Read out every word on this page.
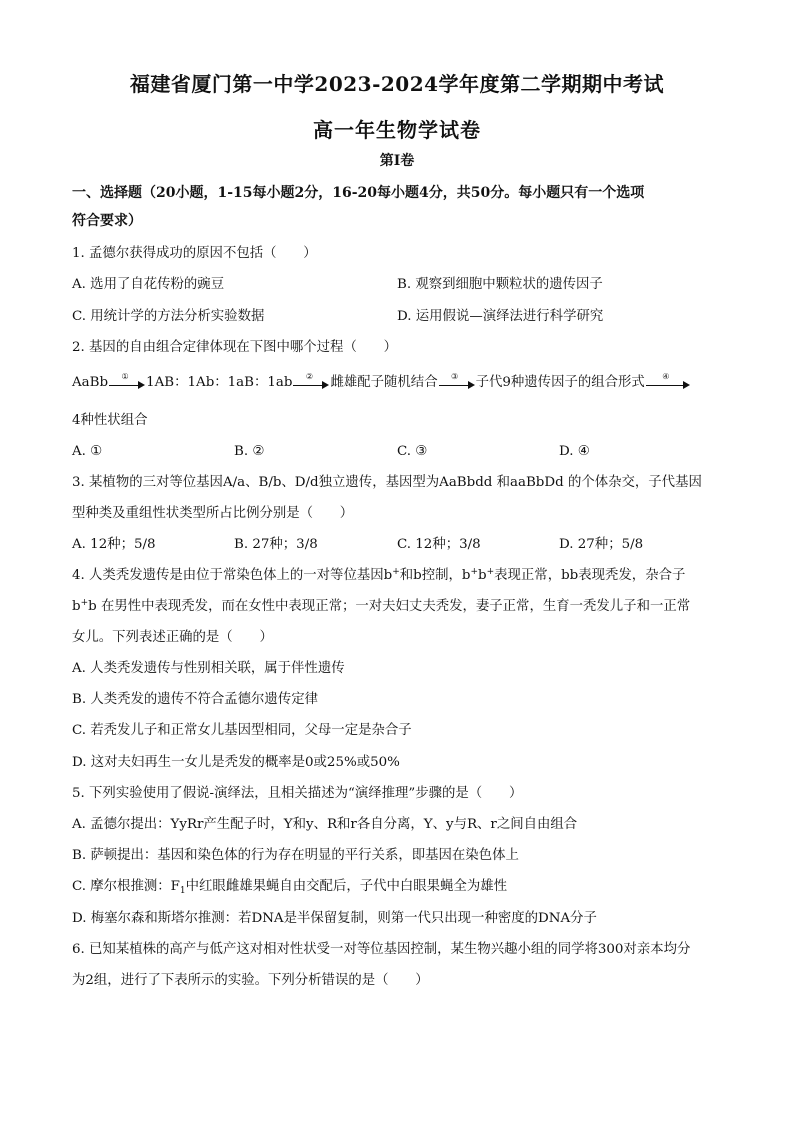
福建省厦门第一中学2023-2024学年度第二学期期中考试
高一年生物学试卷
第Ⅰ卷
一、选择题（20小题，1-15每小题2分，16-20每小题4分，共50分。每小题只有一个选项
符合要求）
1. 孟德尔获得成功的原因不包括（　　）
A. 选用了自花传粉的豌豆	B. 观察到细胞中颗粒状的遗传因子
C. 用统计学的方法分析实验数据	D. 运用假说—演绎法进行科学研究
2. 基因的自由组合定律体现在下图中哪个过程（　　）
AaBb	①	1AB：1Ab：1aB：1ab	②	雌雄配子随机结合	③	子代9种遗传因子的组合形式	④
4种性状组合
A. ①	B. ②	C. ③	D. ④
3. 某植物的三对等位基因A/a、B/b、D/d独立遗传，基因型为AaBbdd 和aaBbDd 的个体杂交，子代基因
型种类及重组性状类型所占比例分别是（　　）
A. 12种；5/8	B. 27种；3/8	C. 12种；3/8	D. 27种；5/8
4. 人类秃发遗传是由位于常染色体上的一对等位基因b+和b控制，b+b+表现正常，bb表现秃发，杂合子
b+b 在男性中表现秃发，而在女性中表现正常；一对夫妇丈夫秃发，妻子正常，生育一秃发儿子和一正常
女儿。下列表述正确的是（　　）
A. 人类秃发遗传与性别相关联，属于伴性遗传
B. 人类秃发的遗传不符合孟德尔遗传定律
C. 若秃发儿子和正常女儿基因型相同，父母一定是杂合子
D. 这对夫妇再生一女儿是秃发的概率是0或25%或50%
5. 下列实验使用了假说-演绎法，且相关描述为“演绎推理”步骤的是（　　）
A. 孟德尔提出：YyRr产生配子时，Y和y、R和r各自分离，Y、y与R、r之间自由组合
B. 萨顿提出：基因和染色体的行为存在明显的平行关系，即基因在染色体上
C. 摩尔根推测：$F_1$中红眼雌雄果蝇自由交配后，子代中白眼果蝇全为雄性
D. 梅塞尔森和斯塔尔推测：若DNA是半保留复制，则第一代只出现一种密度的DNA分子
6. 已知某植株的高产与低产这对相对性状受一对等位基因控制，某生物兴趣小组的同学将300对亲本均分
为2组，进行了下表所示的实验。下列分析错误的是（　　）
